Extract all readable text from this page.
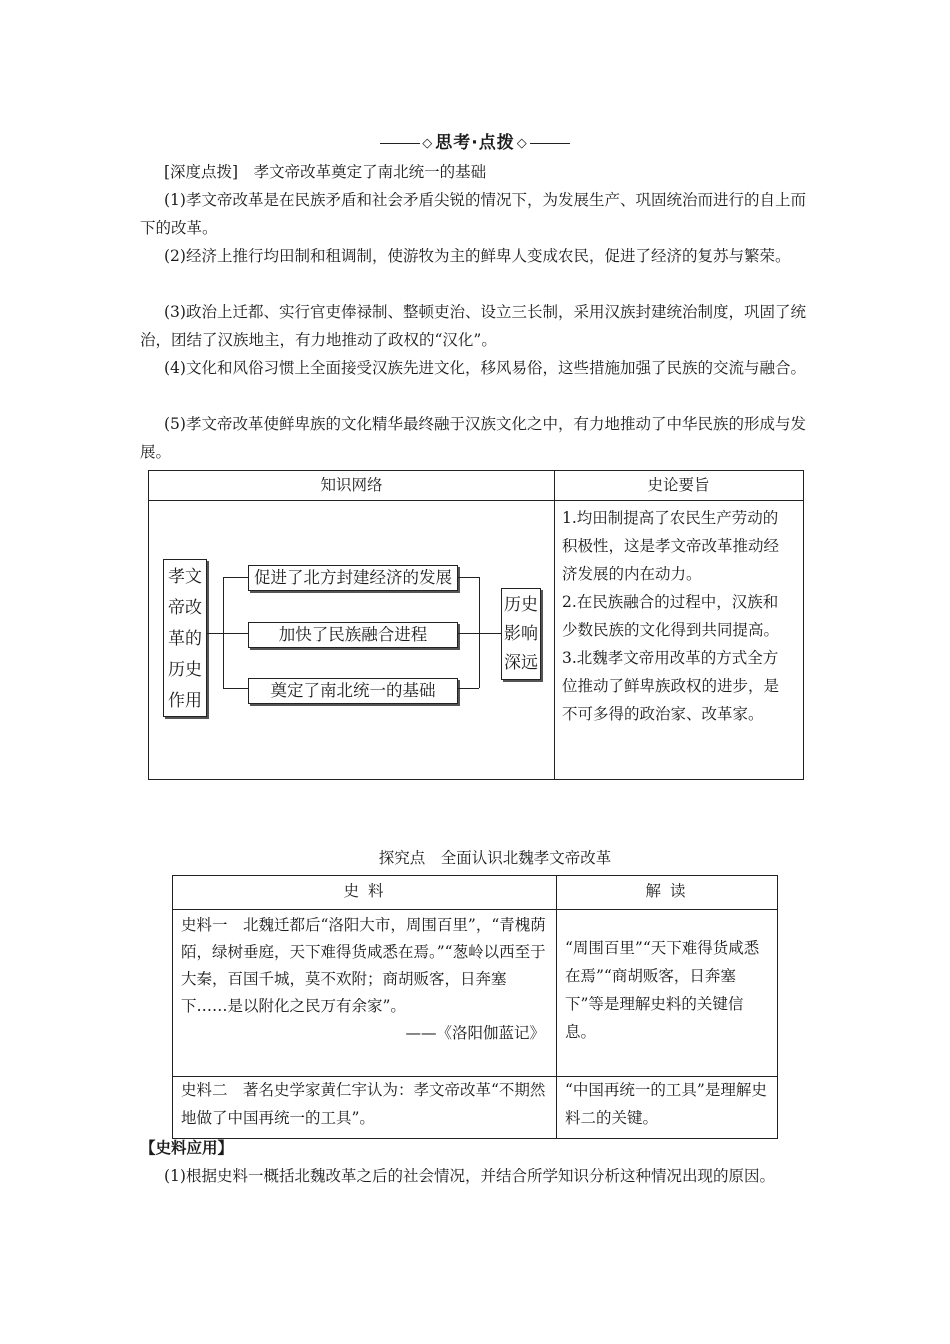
◇ 思考·点拨 ◇
[深度点拨]　 孝文帝改革奠定了南北统一的基础
(1)孝文帝改革是在民族矛盾和社会矛盾尖锐的情况下，为发展生产、巩固统治而进行的自上而下的改革。
(2)经济上推行均田制和租调制，使游牧为主的鲜卑人变成农民，促进了经济的复苏与繁荣。
(3)政治上迁都、实行官吏俸禄制、整顿吏治、设立三长制，采用汉族封建统治制度，巩固了统治，团结了汉族地主，有力地推动了政权的“汉化”。
(4)文化和风俗习惯上全面接受汉族先进文化，移风易俗，这些措施加强了民族的交流与融合。
(5)孝文帝改革使鲜卑族的文化精华最终融于汉族文化之中，有力地推动了中华民族的形成与发展。
知识网络	史论要旨
孝文帝改革的历史作用
促进了北方封建经济的发展
加快了民族融合进程
奠定了南北统一的基础
历史影响深远
1.均田制提高了农民生产劳动的积极性，这是孝文帝改革推动经济发展的内在动力。
2.在民族融合的过程中，汉族和少数民族的文化得到共同提高。
3.北魏孝文帝用改革的方式全方位推动了鲜卑族政权的进步，是不可多得的政治家、改革家。
探究点　全面认识北魏孝文帝改革
史 料	解 读
史料一　北魏迁都后“洛阳大市，周围百里”，“青槐荫陌，绿树垂庭，天下难得货咸悉在焉。”“葱岭以西至于大秦，百国千城，莫不欢附；商胡贩客，日奔塞下……是以附化之民万有余家”。
——《洛阳伽蓝记》
“周围百里”“天下难得货咸悉在焉”“商胡贩客，日奔塞下”等是理解史料的关键信息。
史料二　著名史学家黄仁宇认为：孝文帝改革“不期然地做了中国再统一的工具”。
“中国再统一的工具”是理解史料二的关键。
【史料应用】
(1)根据史料一概括北魏改革之后的社会情况，并结合所学知识分析这种情况出现的原因。
